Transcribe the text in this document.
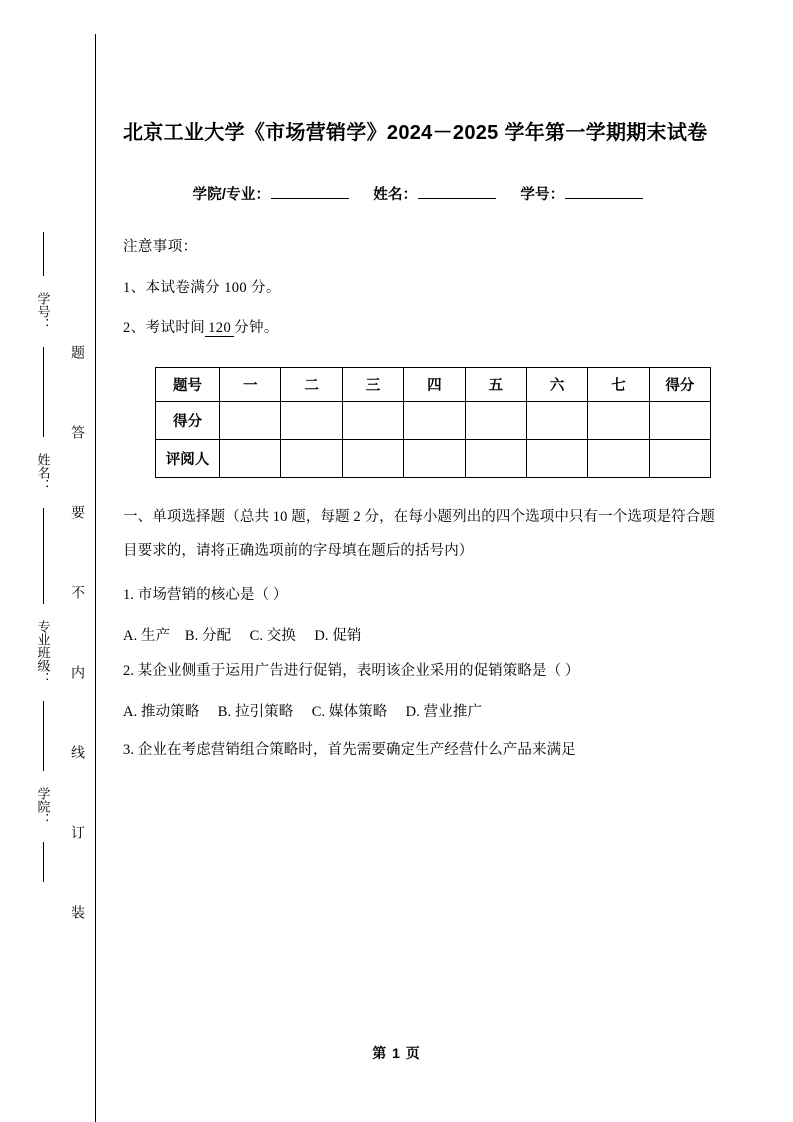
题
答
要
不
内
线
订
装
学号：
姓名：
专业班级：
学院：
北京工业大学《市场营销学》2024－2025 学年第一学期期末试卷
学院/专业：	姓名：	学号：
注意事项：
1、本试卷满分 100 分。
2、考试时间 120 分钟。
题号	一	二	三	四	五	六	七	得分
得分								
评阅人								
一、单项选择题（总共 10 题，每题 2 分，在每小题列出的四个选项中只有一个选项是符合题目要求的，请将正确选项前的字母填在题后的括号内）
1. 市场营销的核心是（ ）
A. 生产　B. 分配　 C. 交换　 D. 促销
2. 某企业侧重于运用广告进行促销，表明该企业采用的促销策略是（ ）
A. 推动策略　 B. 拉引策略　 C. 媒体策略　 D. 营业推广
3. 企业在考虑营销组合策略时，首先需要确定生产经营什么产品来满足
第 1 页
